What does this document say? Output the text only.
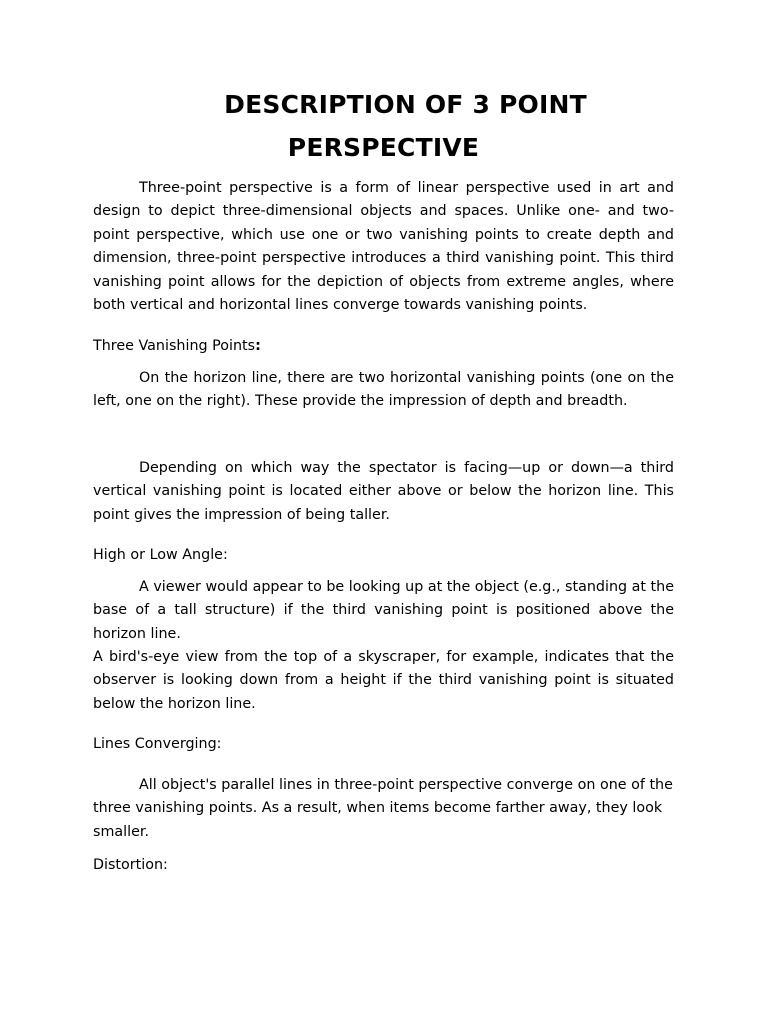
DESCRIPTION OF 3 POINT
PERSPECTIVE

Three-point perspective is a form of linear perspective used in art and design to depict three-dimensional objects and spaces. Unlike one- and two-point perspective, which use one or two vanishing points to create depth and dimension, three-point perspective introduces a third vanishing point. This third vanishing point allows for the depiction of objects from extreme angles, where both vertical and horizontal lines converge towards vanishing points.

Three Vanishing Points:

On the horizon line, there are two horizontal vanishing points (one on the left, one on the right). These provide the impression of depth and breadth.

Depending on which way the spectator is facing—up or down—a third vertical vanishing point is located either above or below the horizon line. This point gives the impression of being taller.

High or Low Angle:

A viewer would appear to be looking up at the object (e.g., standing at the base of a tall structure) if the third vanishing point is positioned above the horizon line.

A bird's-eye view from the top of a skyscraper, for example, indicates that the observer is looking down from a height if the third vanishing point is situated below the horizon line.

Lines Converging:

All object's parallel lines in three-point perspective converge on one of the three vanishing points. As a result, when items become farther away, they look smaller.

Distortion:
